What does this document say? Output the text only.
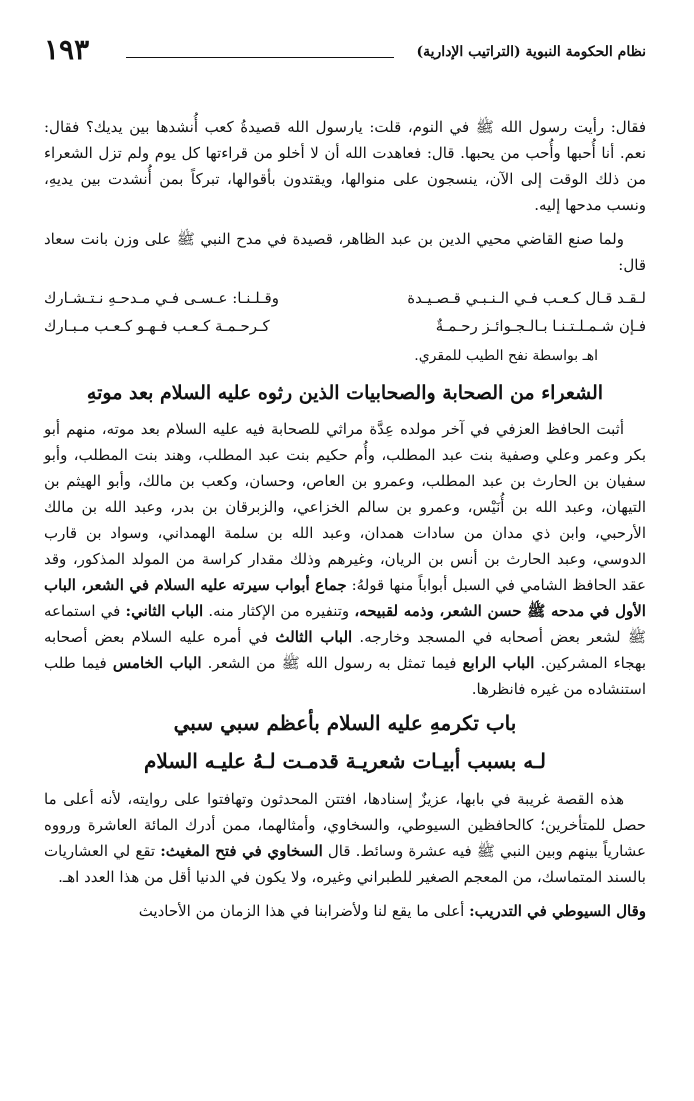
نظام الحكومة النبوية (التراتيب الإدارية)
١٩٣

فقال: رأيت رسول الله ﷺ في النوم، قلت: يارسول الله قصيدةُ كعب أُنشدها بين يديك؟ فقال: نعم. أنا أُحبها وأُحب من يحبها. قال: فعاهدت الله أن لا أخلو من قراءتها كل يوم ولم تزل الشعراء من ذلك الوقت إلى الآن، ينسجون على منوالها، ويقتدون بأقوالها، تبركاً بمن أُنشدت بين يديهِ، ونسب مدحها إليه.

ولما صنع القاضي محيي الدين بن عبد الظاهر، قصيدة في مدح النبي ﷺ على وزن بانت سعاد قال:

لـقـد قـال كـعـب فـي الـنـبـي قـصـيـدة
وقـلـنـا: عـسـى فـي مـدحـهِ نـتـشـارك
فـإن شـمـلـتـنـا بـالـجـوائـز رحـمـةٌ
كـرحـمـة كـعـب فـهـو كـعـب مـبـارك

اهـ بواسطة نفح الطيب للمقري.

الشعراء من الصحابة والصحابيات الذين رثوه عليه السلام بعد موتهِ

أثبت الحافظ العزفي في آخر مولده عِدَّة مراثي للصحابة فيه عليه السلام بعد موته، منهم أبو بكر وعمر وعلي وصفية بنت عبد المطلب، وأُم حكيم بنت عبد المطلب، وهند بنت المطلب، وأبو سفيان بن الحارث بن عبد المطلب، وعمرو بن العاص، وحسان، وكعب بن مالك، وأبو الهيثم بن التيهان، وعبد الله بن أُنَيْس، وعمرو بن سالم الخزاعي، والزبرقان بن بدر، وعبد الله بن مالك الأرحبي، وابن ذي مدان من سادات همدان، وعبد الله بن سلمة الهمداني، وسواد بن قارب الدوسي، وعبد الحارث بن أنس بن الريان، وغيرهم وذلك مقدار كراسة من المولد المذكور، وقد عقد الحافظ الشامي في السبل أبواباً منها قولهُ: جماع أبواب سيرته عليه السلام في الشعر، الباب الأول في مدحه ﷺ حسن الشعر، وذمه لقبيحه، وتنفيره من الإكثار منه. الباب الثاني: في استماعه ﷺ لشعر بعض أصحابه في المسجد وخارجه. الباب الثالث في أمره عليه السلام بعض أصحابه بهجاء المشركين. الباب الرابع فيما تمثل به رسول الله ﷺ من الشعر. الباب الخامس فيما طلب استنشاده من غيره فانظرها.

باب تكرمهِ عليه السلام بأعظم سبي سبي
لـه بسبب أبيـات شعريـة قدمـت لـهُ عليـه السلام

هذه القصة غريبة في بابها، عزيزٌ إسنادها، افتتن المحدثون وتهافتوا على روايته، لأنه أعلى ما حصل للمتأخرين؛ كالحافظين السيوطي، والسخاوي، وأمثالهما، ممن أدرك المائة العاشرة ورووه عشارياً بينهم وبين النبي ﷺ فيه عشرة وسائط. قال السخاوي في فتح المغيث: تقع لي العشاريات بالسند المتماسك، من المعجم الصغير للطبراني وغيره، ولا يكون في الدنيا أقل من هذا العدد اهـ.

وقال السيوطي في التدريب: أعلى ما يقع لنا ولأضرابنا في هذا الزمان من الأحاديث
